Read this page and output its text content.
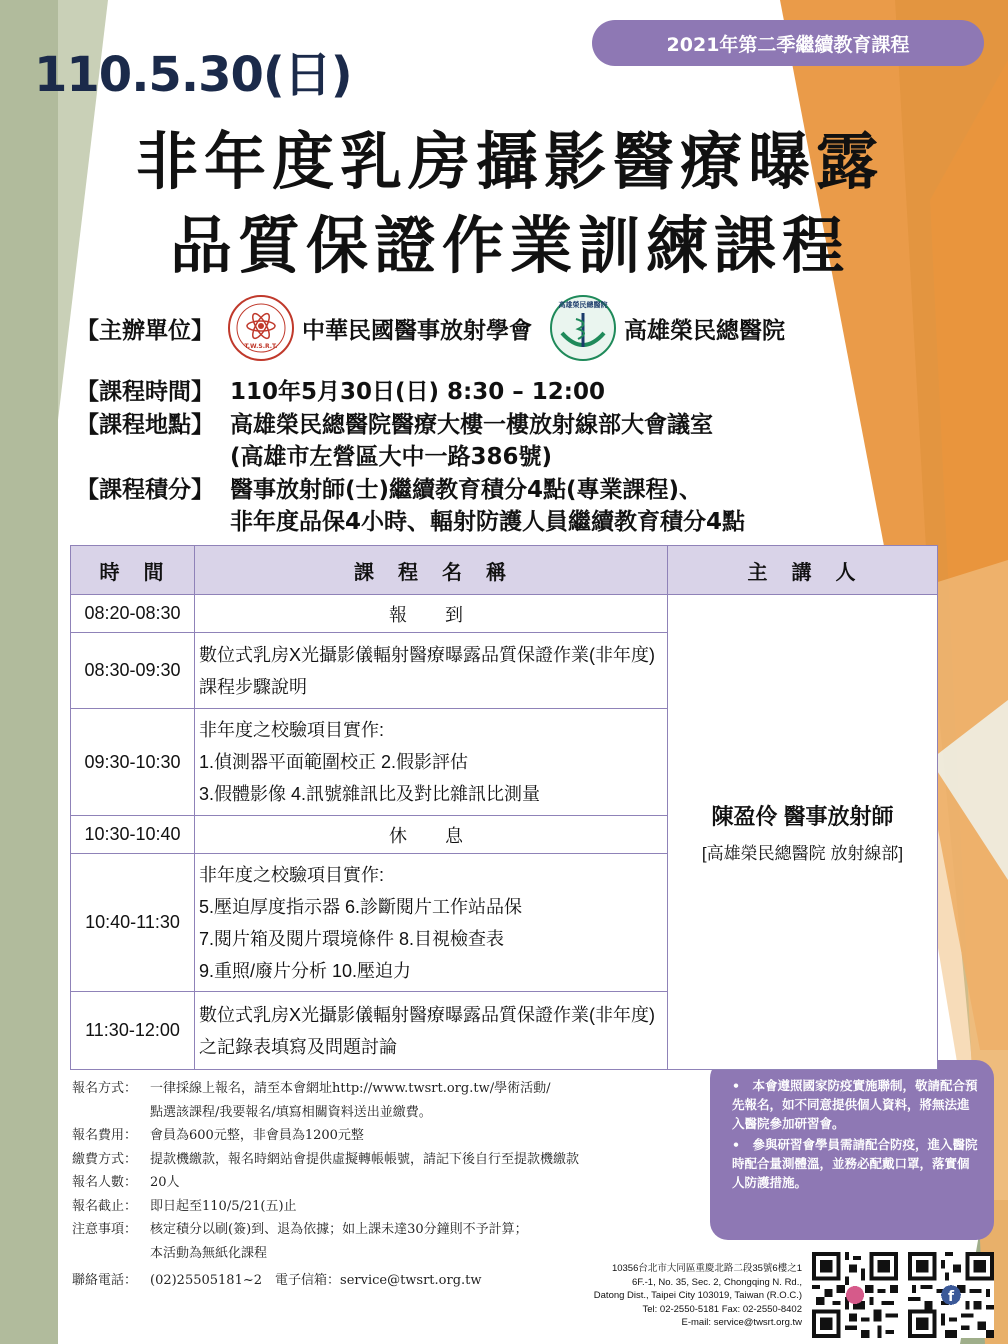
110.5.30(日)
2021年第二季繼續教育課程
非年度乳房攝影醫療曝露
品質保證作業訓練課程
【主辦單位】
T.W.S.R.T.
中華民國醫事放射學會
高雄榮民總醫院
高雄榮民總醫院
【課程時間】 110年5月30日(日) 8:30 – 12:00
【課程地點】 高雄榮民總醫院醫療大樓一樓放射線部大會議室
(高雄市左營區大中一路386號)
【課程積分】 醫事放射師(士)繼續教育積分4點(專業課程)、
非年度品保4小時、輻射防護人員繼續教育積分4點
時　間	課　程　名　稱	主　講　人
08:20-08:30	報　到	陳盈伶 醫事放射師
[高雄榮民總醫院 放射線部]

08:30-09:30	數位式乳房X光攝影儀輻射醫療曝露品質保證作業(非年度)
課程步驟說明	

09:30-10:30	非年度之校驗項目實作:
1.偵測器平面範圍校正 2.假影評估
3.假體影像 4.訊號雜訊比及對比雜訊比測量	

10:30-10:40	休　息	
10:40-11:30	非年度之校驗項目實作:
5.壓迫厚度指示器 6.診斷閱片工作站品保
7.閱片箱及閱片環境條件 8.目視檢查表
9.重照/廢片分析 10.壓迫力	

11:30-12:00	數位式乳房X光攝影儀輻射醫療曝露品質保證作業(非年度)
之記錄表填寫及問題討論	
報名方式： 一律採線上報名，請至本會網址http://www.twsrt.org.tw/學術活動/
點選該課程/我要報名/填寫相關資料送出並繳費。
報名費用： 會員為600元整，非會員為1200元整
繳費方式： 提款機繳款，報名時網站會提供虛擬轉帳帳號，請記下後自行至提款機繳款
報名人數： 20人
報名截止： 即日起至110/5/21(五)止
注意事項： 核定積分以刷(簽)到、退為依據；如上課未達30分鐘則不予計算；
本活動為無紙化課程
聯絡電話： (02)25505181~2　電子信箱：service@twsrt.org.tw

•　本會遵照國家防疫實施聯制，敬請配合預先報名，如不同意提供個人資料，將無法進入醫院參加研習會。

•　參與研習會學員需請配合防疫，進入醫院時配合量測體溫，並務必配戴口罩，落實個人防護措施。

10356台北市大同區重慶北路二段35號6樓之1
6F.-1, No. 35, Sec. 2, Chongqing N. Rd.,
Datong Dist., Taipei City 103019, Taiwan (R.O.C.)
Tel: 02-2550-5181 Fax: 02-2550-8402
E-mail: service@twsrt.org.tw
f
